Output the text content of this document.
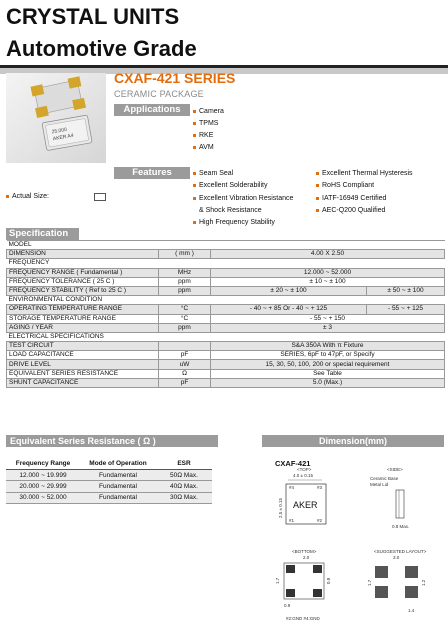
CRYSTAL UNITS
Automotive Grade
25.000
AKER A4
CXAF-421 SERIES
CERAMIC PACKAGE
Applications	Camera
TPMS
RKE
AVM
Features	Seam Seal
Excellent Solderability
Excellent Vibration Resistance
& Shock Resistance
High Frequency Stability
Excellent Thermal Hysteresis
RoHS Compliant
IATF-16949 Certified
AEC-Q200 Qualified
Actual Size:
Specification
MODEL			
DIMENSION	( mm )	4.00 X 2.50	
FREQUENCY			
FREQUENCY RANGE ( Fundamental )	MHz	12.000 ~ 52.000	
FREQUENCY TOLERANCE ( 25 C )	ppm	± 10 ~ ± 100	
FREQUENCY STABILITY ( Ref to 25 C )	ppm	± 20 ~ ± 100	± 50 ~ ± 100
ENVIRONMENTAL CONDITION			
OPERATING TEMPERATURE RANGE	°C	- 40 ~ + 85 Or - 40 ~ + 125	- 55 ~ + 125
STORAGE TEMPERATURE RANGE	°C	- 55 ~ + 150	
AGING / YEAR	ppm	± 3	
ELECTRICAL SPECIFICATIONS			
TEST CIRCUIT		S&A 350A With π Fixture	
LOAD CAPACITANCE	pF	SERIES, 6pF to 47pF, or Specify	
DRIVE LEVEL	uW	15, 30, 50, 100, 200 or special requirement	
EQUIVALENT SERIES RESISTANCE	Ω	See Table	
SHUNT CAPACITANCE	pF	5.0 (Max.)	
Equivalent Series Resistance ( Ω )
Frequency Range	Mode of Operation	ESR
12.000 ~ 19.999	Fundamental	50Ω Max.
20.000 ~ 29.999	Fundamental	40Ω Max.
30.000 ~ 52.000	Fundamental	30Ω Max.
Dimension(mm)
CXAF-421
<TOP>
4.0 ± 0.15
#4	#3
AKER
#1	#2
2.5 ± 0.15
<SIDE>
Ceramic Base
Metal Lid
0.8 Max.
<BOTTOM>
2.0
1.7	0.8
0.9
#2:GND #4:GND
<SUGGESTED LAYOUT>
3.0
1.7	1.2
1.4
